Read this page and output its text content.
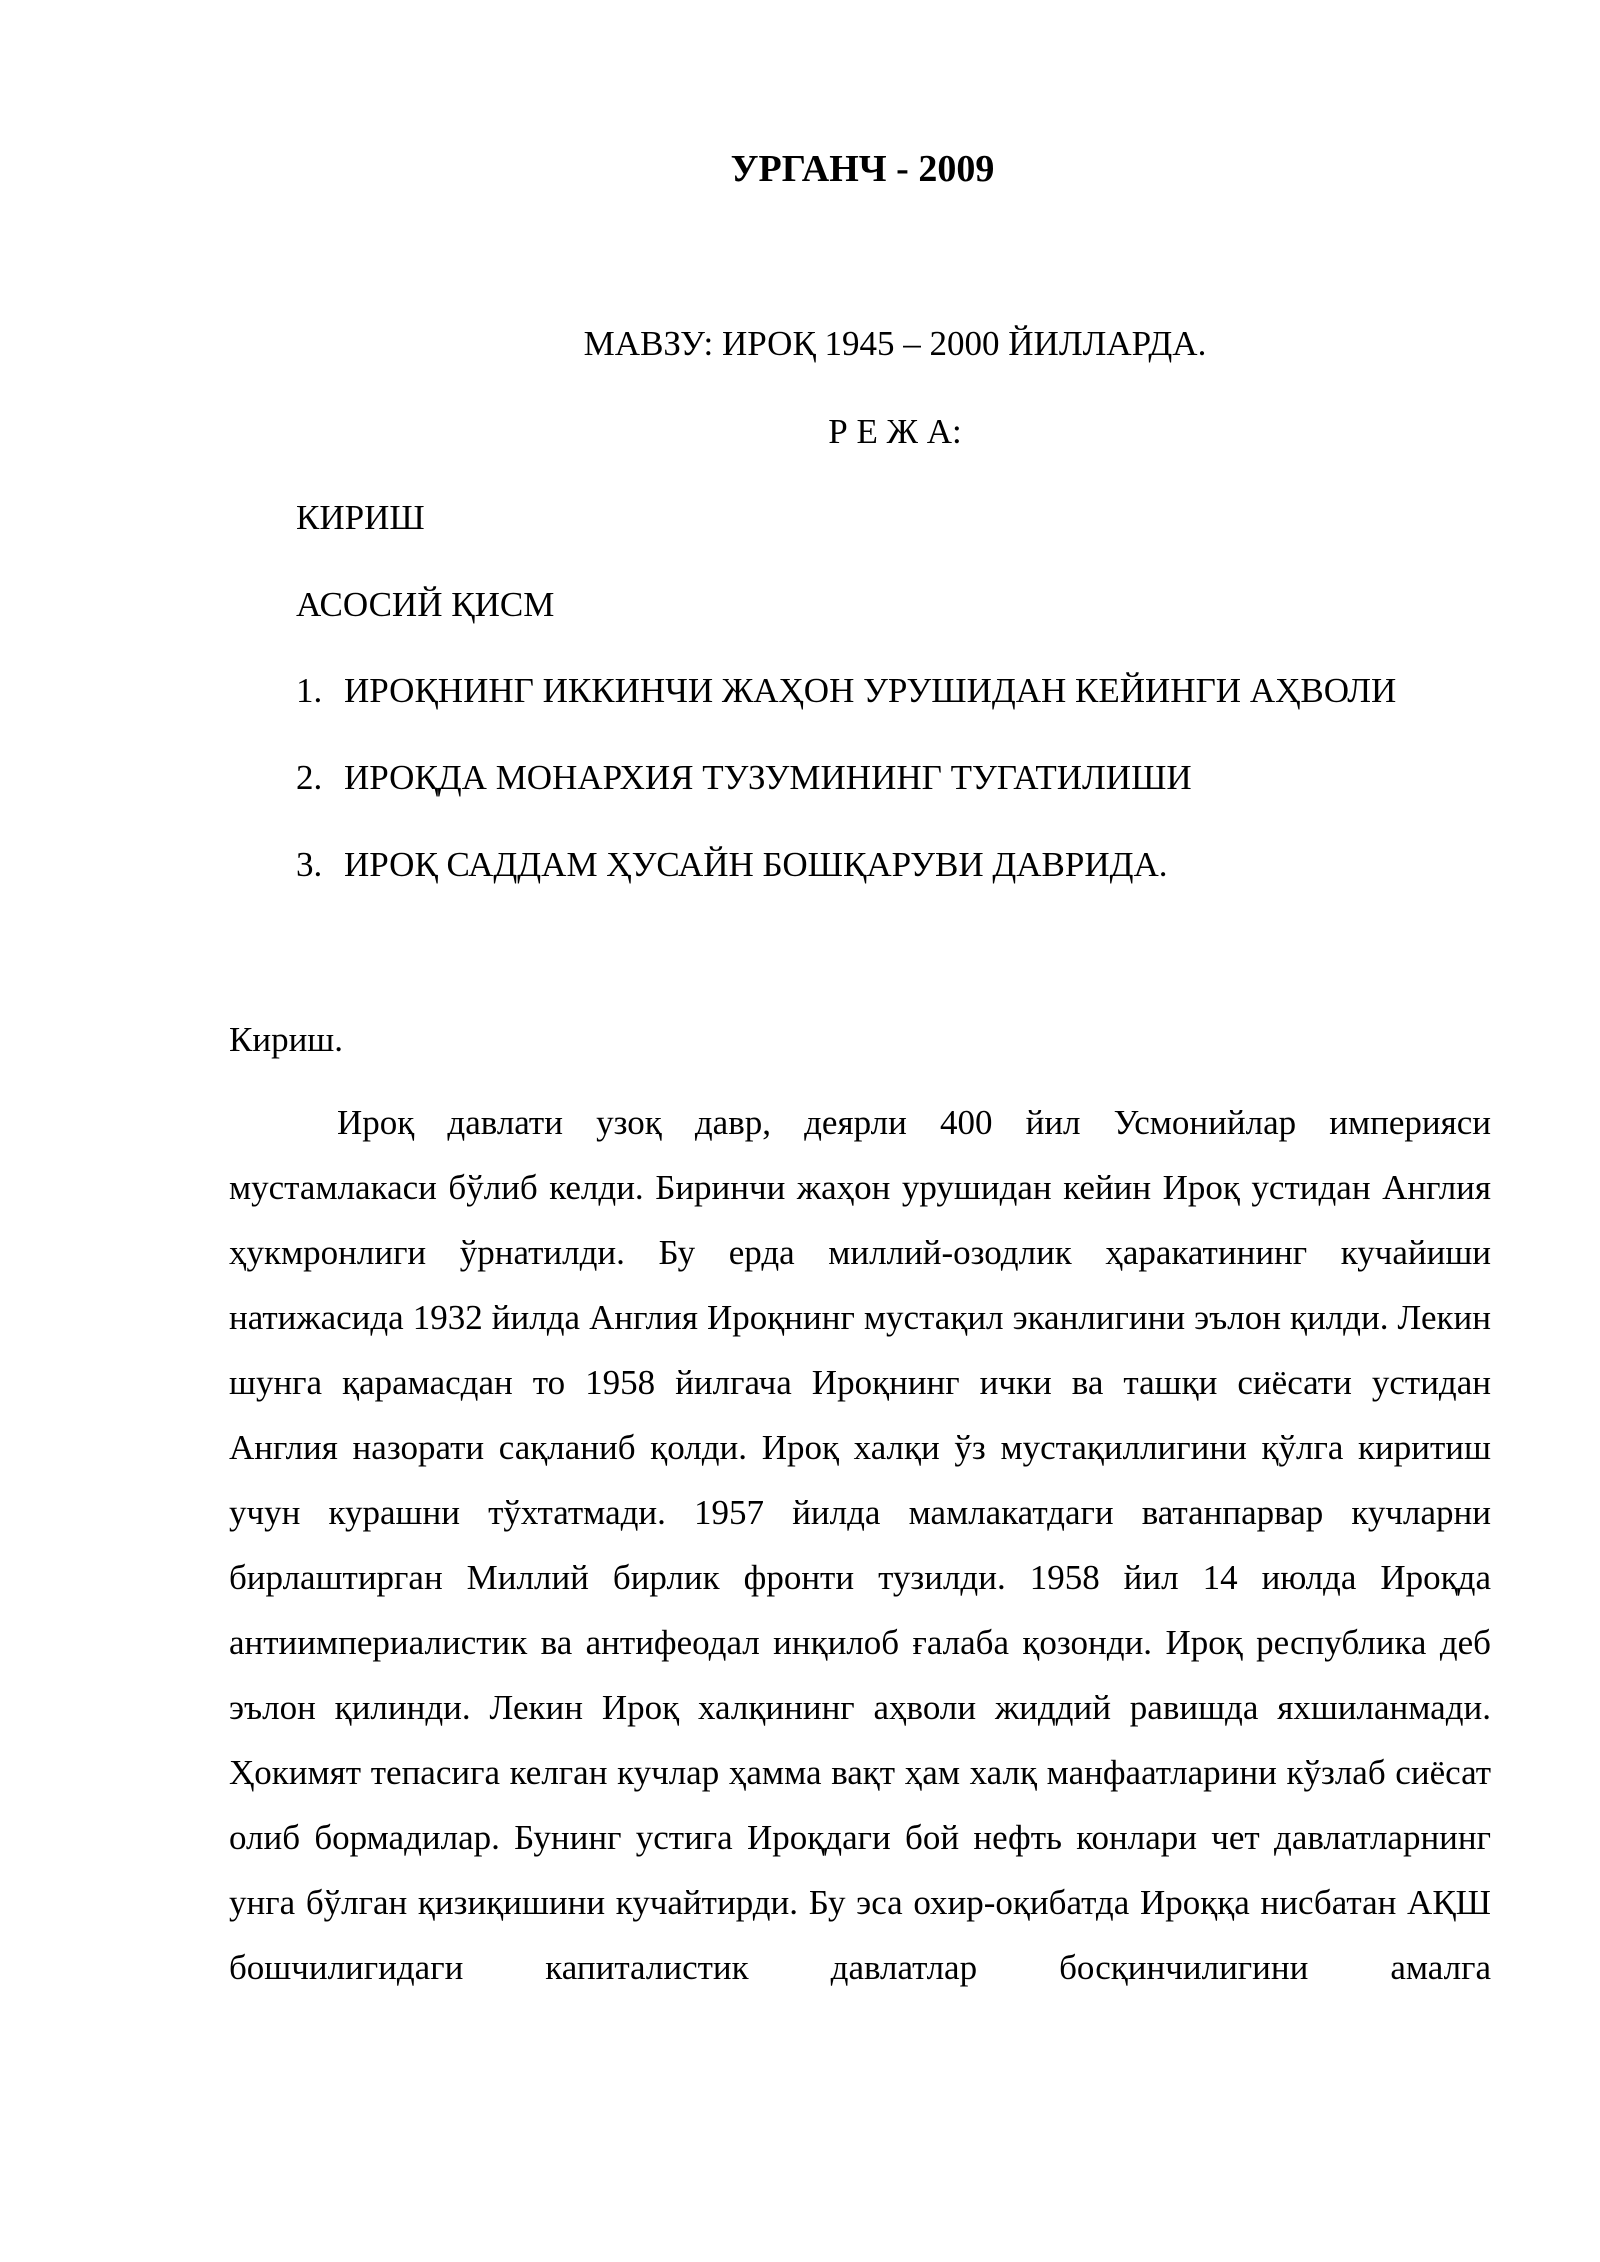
УРГАНЧ - 2009
МАВЗУ: ИРОҚ 1945 – 2000 ЙИЛЛАРДА.
Р Е Ж А:
КИРИШ
АСОСИЙ ҚИСМ
1. ИРОҚНИНГ ИККИНЧИ ЖАҲОН УРУШИДАН КЕЙИНГИ АҲВОЛИ
2. ИРОҚДА МОНАРХИЯ ТУЗУМИНИНГ ТУГАТИЛИШИ
3. ИРОҚ САДДАМ ҲУСАЙН БОШҚАРУВИ ДАВРИДА.
Кириш.

Ироқ давлати узоқ давр, деярли 400 йил Усмонийлар империяси мустамлакаси бўлиб келди. Биринчи жаҳон урушидан кейин Ироқ устидан Англия ҳукмронлиги ўрнатилди. Бу ерда миллий-озодлик ҳаракатининг кучайиши натижасида 1932 йилда Англия Ироқнинг мустақил эканлигини эълон қилди. Лекин шунга қарамасдан то 1958 йилгача Ироқнинг ички ва ташқи сиёсати устидан Англия назорати сақланиб қолди. Ироқ халқи ўз мустақиллигини қўлга киритиш учун курашни тўхтатмади. 1957 йилда мамлакатдаги ватанпарвар кучларни бирлаштирган Миллий бирлик фронти тузилди. 1958 йил 14 июлда Ироқда антиимпериалистик ва антифеодал инқилоб ғалаба қозонди. Ироқ республика деб эълон қилинди. Лекин Ироқ халқининг аҳволи жиддий равишда яхшиланмади. Ҳокимят тепасига келган кучлар ҳамма вақт ҳам халқ манфаатларини кўзлаб сиёсат олиб бормадилар. Бунинг устига Ироқдаги бой нефть конлари чет давлатларнинг унга бўлган қизиқишини кучайтирди. Бу эса охир-оқибатда Ироққа нисбатан АҚШ бошчилигидаги капиталистик давлатлар босқинчилигини амалга
